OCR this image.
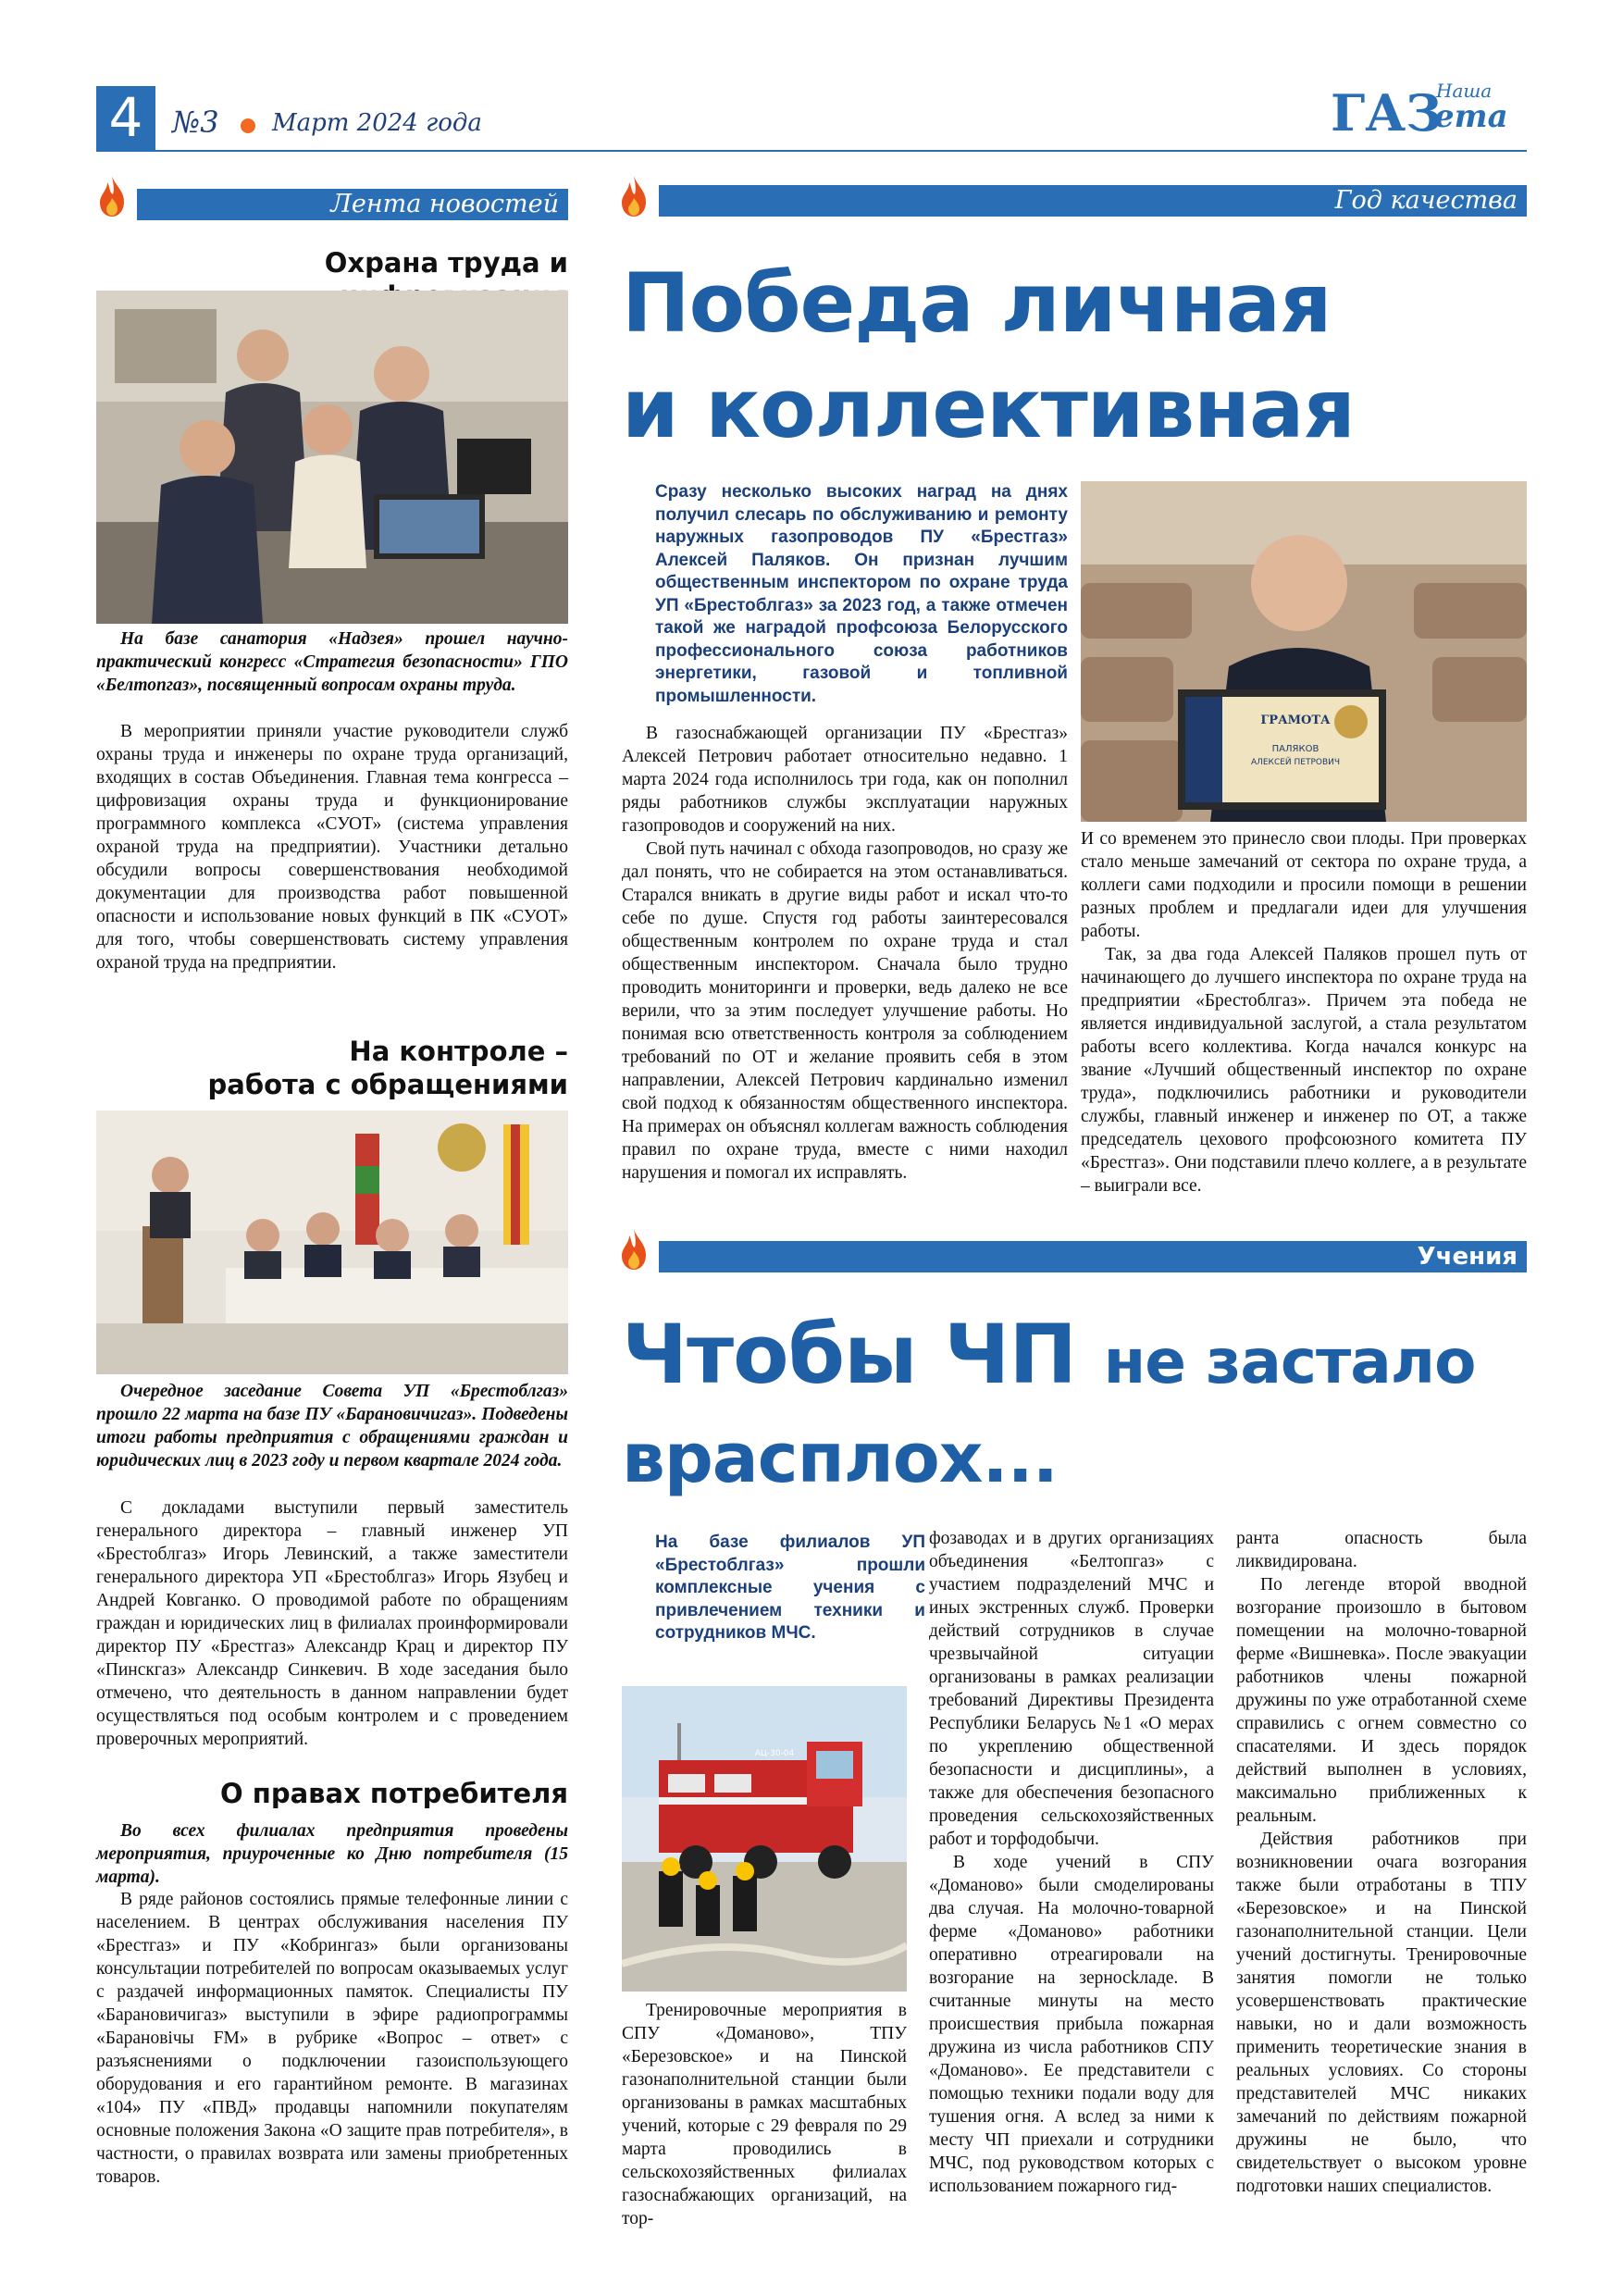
4 №3 Март 2024 года
Наша
ГАЗ
ета
Лента новостей
Охрана труда и

На базе санатория «Надзея» прошел научно-практический конгресс «Стратегия безопасности» ГПО «Белтопгаз», посвященный вопросам охраны труда.

В мероприятии приняли участие руководители служб охраны труда и инженеры по охране труда организаций, входящих в состав Объединения. Главная тема конгресса – цифровизация охраны труда и функционирование программного комплекса «СУОТ» (система управления охраной труда на предприятии). Участники детально обсудили вопросы совершенствования необходимой документации для производства работ повышенной опасности и использование новых функций в ПК «СУОТ» для того, чтобы совершенствовать систему управления охраной труда на предприятии.

На контроле –
работа с обращениями

Очередное заседание Совета УП «Брестоблгаз» прошло 22 марта на базе ПУ «Барановичигаз». Подведены итоги работы предприятия с обращениями граждан и юридических лиц в 2023 году и первом квартале 2024 года.

С докладами выступили первый заместитель генерального директора – главный инженер УП «Брестоблгаз» Игорь Левинский, а также заместители генерального директора УП «Брестоблгаз» Игорь Язубец и Андрей Ковганко. О проводимой работе по обращениям граждан и юридических лиц в филиалах проинформировали директор ПУ «Брестгаз» Александр Крац и директор ПУ «Пинскгаз» Александр Синкевич. В ходе заседания было отмечено, что деятельность в данном направлении будет осуществляться под особым контролем и с проведением проверочных мероприятий.

О правах потребителя

Во всех филиалах предприятия проведены мероприятия, приуроченные ко Дню потребителя (15 марта).

В ряде районов состоялись прямые телефонные линии с населением. В центрах обслуживания населения ПУ «Брестгаз» и ПУ «Кобрингаз» были организованы консультации потребителей по вопросам оказываемых услуг с раздачей информационных памяток. Специалисты ПУ «Барановичигаз» выступили в эфире радиопрограммы «Барановiчы FM» в рубрике «Вопрос – ответ» с разъяснениями о подключении газоиспользующего оборудования и его гарантийном ремонте. В магазинах «104» ПУ «ПВД» продавцы напомнили покупателям основные положения Закона «О защите прав потребителя», в частности, о правилах возврата или замены приобретенных товаров.

Год качества
Победа личная
и коллективная
Сразу несколько высоких наград на днях получил слесарь по обслуживанию и ремонту наружных газопроводов ПУ «Брестгаз» Алексей Паляков. Он признан лучшим общественным инспектором по охране труда УП «Брестоблгаз» за 2023 год, а также отмечен такой же наградой профсоюза Белорусского профессионального союза работников энергетики, газовой и топливной промышленности.
ГРАМОТА
ПАЛЯКОВ
АЛЕКСЕЙ ПЕТРОВИЧ

В газоснабжающей организации ПУ «Брестгаз» Алексей Петрович работает относительно недавно. 1 марта 2024 года исполнилось три года, как он пополнил ряды работников службы эксплуатации наружных газопроводов и сооружений на них.

Свой путь начинал с обхода газопроводов, но сразу же дал понять, что не собирается на этом останавливаться. Старался вникать в другие виды работ и искал что-то себе по душе. Спустя год работы заинтересовался общественным контролем по охране труда и стал общественным инспектором. Сначала было трудно проводить мониторинги и проверки, ведь далеко не все верили, что за этим последует улучшение работы. Но понимая всю ответственность контроля за соблюдением требований по ОТ и желание проявить себя в этом направлении, Алексей Петрович кардинально изменил свой подход к обязанностям общественного инспектора. На примерах он объяснял коллегам важность соблюдения правил по охране труда, вместе с ними находил нарушения и помогал их исправлять.

И со временем это принесло свои плоды. При проверках стало меньше замечаний от сектора по охране труда, а коллеги сами подходили и просили помощи в решении разных проблем и предлагали идеи для улучшения работы.

Так, за два года Алексей Паляков прошел путь от начинающего до лучшего инспектора по охране труда на предприятии «Брестоблгаз». Причем эта победа не является индивидуальной заслугой, а стала результатом работы всего коллектива. Когда начался конкурс на звание «Лучший общественный инспектор по охране труда», подключились работники и руководители службы, главный инженер и инженер по ОТ, а также председатель цехового профсоюзного комитета ПУ «Брестгаз». Они подставили плечо коллеге, а в результате – выиграли все.

Учения
Чтобы ЧП не застало
врасплох...
На базе филиалов УП «Брестоблгаз» прошли комплексные учения с привлечением техники и сотрудников МЧС.
АЦ-30-04

Тренировочные мероприятия в СПУ «Доманово», ТПУ «Березовское» и на Пинской газонаполнительной станции были организованы в рамках масштабных учений, которые с 29 февраля по 29 марта проводились в сельскохозяйственных филиалах газоснабжающих организаций, на тор-

фозаводах и в других организациях объединения «Белтопгаз» с участием подразделений МЧС и иных экстренных служб. Проверки действий сотрудников в случае чрезвычайной ситуации организованы в рамках реализации требований Директивы Президента Республики Беларусь №1 «О мерах по укреплению общественной безопасности и дисциплины», а также для обеспечения безопасного проведения сельскохозяйственных работ и торфодобычи.

В ходе учений в СПУ «Доманово» были смоделированы два случая. На молочно-товарной ферме «Доманово» работники оперативно отреагировали на возгорание на зерносkладе. В считанные минуты на место происшествия прибыла пожарная дружина из числа работников СПУ «Доманово». Ее представители с помощью техники подали воду для тушения огня. А вслед за ними к месту ЧП приехали и сотрудники МЧС, под руководством которых с использованием пожарного гид-

ранта опасность была ликвидирована.

По легенде второй вводной возгорание произошло в бытовом помещении на молочно-товарной ферме «Вишневка». После эвакуации работников члены пожарной дружины по уже отработанной схеме справились с огнем совместно со спасателями. И здесь порядок действий выполнен в условиях, максимально приближенных к реальным.

Действия работников при возникновении очага возгорания также были отработаны в ТПУ «Березовское» и на Пинской газонаполнительной станции. Цели учений достигнуты. Тренировочные занятия помогли не только усовершенствовать практические навыки, но и дали возможность применить теоретические знания в реальных условиях. Со стороны представителей МЧС никаких замечаний по действиям пожарной дружины не было, что свидетельствует о высоком уровне подготовки наших специалистов.
